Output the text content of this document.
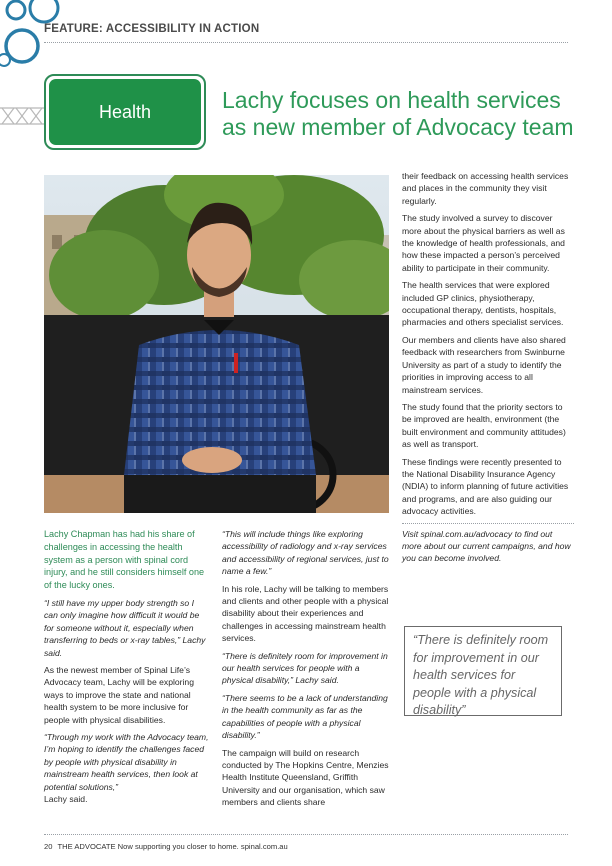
FEATURE: ACCESSIBILITY IN ACTION
Health	Lachy focuses on health services
as new member of Advocacy team

Lachy Chapman has had his share of challenges in accessing the health system as a person with spinal cord injury, and he still considers himself one of the lucky ones.

“I still have my upper body strength so I can only imagine how difficult it would be for someone without it, especially when transferring to beds or x-ray tables,” Lachy said.

As the newest member of Spinal Life’s Advocacy team, Lachy will be exploring ways to improve the state and national health system to be more inclusive for people with physical disabilities.

“Through my work with the Advocacy team, I’m hoping to identify the challenges faced by people with physical disability in mainstream health services, then look at potential solutions,”

Lachy said.

“This will include things like exploring accessibility of radiology and x-ray services and accessibility of regional services, just to name a few.”

In his role, Lachy will be talking to members and clients and other people with a physical disability about their experiences and challenges in accessing mainstream health services.

“There is definitely room for improvement in our health services for people with a physical disability,” Lachy said.

“There seems to be a lack of understanding in the health community as far as the capabilities of people with a physical disability.”

The campaign will build on research conducted by The Hopkins Centre, Menzies Health Institute Queensland, Griffith University and our organisation, which saw members and clients share

their feedback on accessing health services and places in the community they visit regularly.

The study involved a survey to discover more about the physical barriers as well as the knowledge of health professionals, and how these impacted a person’s perceived ability to participate in their community.

The health services that were explored included GP clinics, physiotherapy, occupational therapy, dentists, hospitals, pharmacies and others specialist services.

Our members and clients have also shared feedback with researchers from Swinburne University as part of a study to identify the priorities in improving access to all mainstream services.

The study found that the priority sectors to be improved are health, environment (the built environment and community attitudes) as well as transport.

These findings were recently presented to the National Disability Insurance Agency (NDIA) to inform planning of future activities and programs, and are also guiding our advocacy activities.

Visit spinal.com.au/advocacy to find out more about our current campaigns, and how you can become involved.

“There is definitely room for improvement in our health services for people with a physical disability”
20 THE ADVOCATE Now supporting you closer to home. spinal.com.au
